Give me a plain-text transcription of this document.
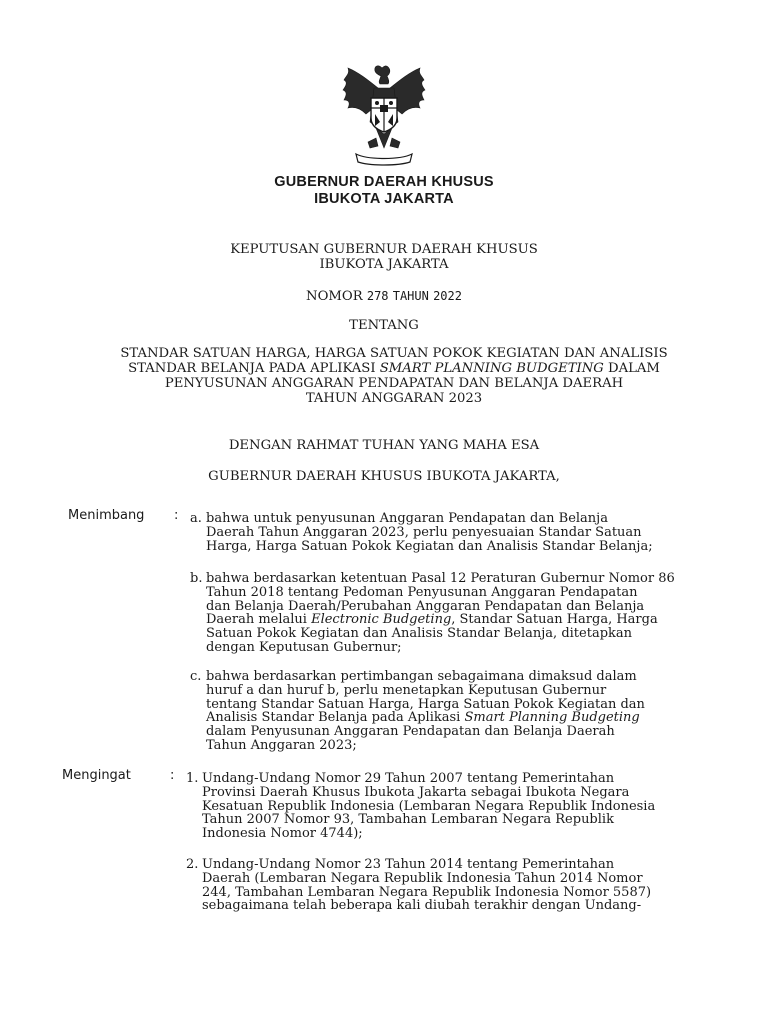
GUBERNUR DAERAH KHUSUS
IBUKOTA JAKARTA
KEPUTUSAN GUBERNUR DAERAH KHUSUS
IBUKOTA JAKARTA
NOMOR 278 TAHUN 2022
TENTANG
STANDAR SATUAN HARGA, HARGA SATUAN POKOK KEGIATAN DAN ANALISIS
STANDAR BELANJA PADA APLIKASI SMART PLANNING BUDGETING DALAM
PENYUSUNAN ANGGARAN PENDAPATAN DAN BELANJA DAERAH
TAHUN ANGGARAN 2023
DENGAN RAHMAT TUHAN YANG MAHA ESA
GUBERNUR DAERAH KHUSUS IBUKOTA JAKARTA,
Menimbang : a. bahwa untuk penyusunan Anggaran Pendapatan dan Belanja
Daerah Tahun Anggaran 2023, perlu penyesuaian Standar Satuan
Harga, Harga Satuan Pokok Kegiatan dan Analisis Standar Belanja;
b. bahwa berdasarkan ketentuan Pasal 12 Peraturan Gubernur Nomor 86
Tahun 2018 tentang Pedoman Penyusunan Anggaran Pendapatan
dan Belanja Daerah/Perubahan Anggaran Pendapatan dan Belanja
Daerah melalui Electronic Budgeting, Standar Satuan Harga, Harga
Satuan Pokok Kegiatan dan Analisis Standar Belanja, ditetapkan
dengan Keputusan Gubernur;
c. bahwa berdasarkan pertimbangan sebagaimana dimaksud dalam
huruf a dan huruf b, perlu menetapkan Keputusan Gubernur
tentang Standar Satuan Harga, Harga Satuan Pokok Kegiatan dan
Analisis Standar Belanja pada Aplikasi Smart Planning Budgeting
dalam Penyusunan Anggaran Pendapatan dan Belanja Daerah
Tahun Anggaran 2023;
Mengingat	: 1. Undang-Undang Nomor 29 Tahun 2007 tentang Pemerintahan
Provinsi Daerah Khusus Ibukota Jakarta sebagai Ibukota Negara
Kesatuan Republik Indonesia (Lembaran Negara Republik Indonesia
Tahun 2007 Nomor 93, Tambahan Lembaran Negara Republik
Indonesia Nomor 4744);
2. Undang-Undang Nomor 23 Tahun 2014 tentang Pemerintahan
Daerah (Lembaran Negara Republik Indonesia Tahun 2014 Nomor
244, Tambahan Lembaran Negara Republik Indonesia Nomor 5587)
sebagaimana telah beberapa kali diubah terakhir dengan Undang-
